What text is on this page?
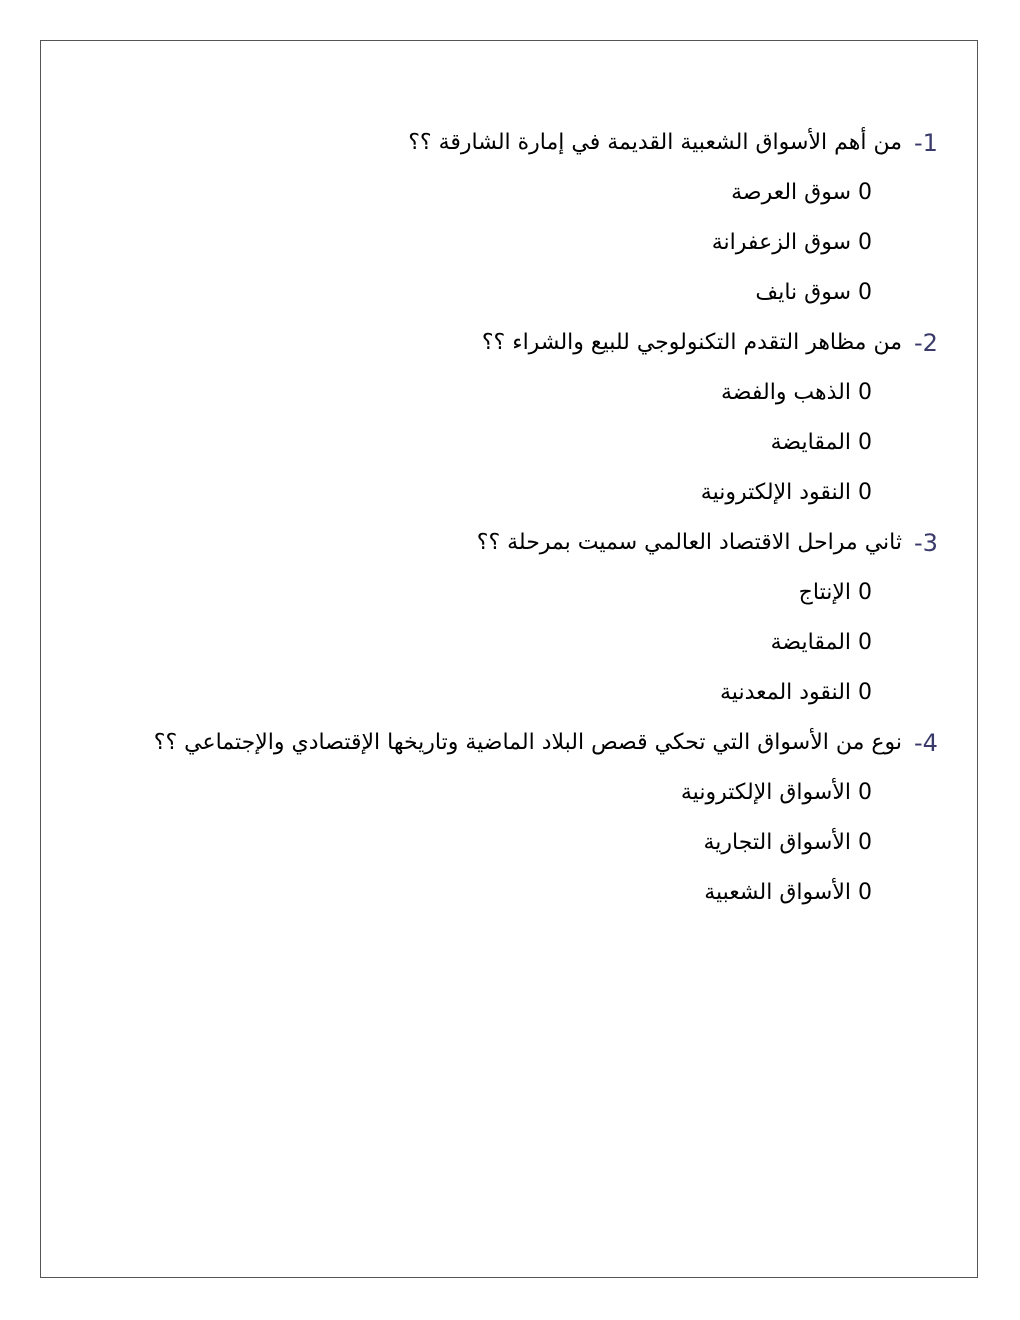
-1
من أهم الأسواق الشعبية القديمة في إمارة الشارقة ؟؟
0 سوق العرصة
0 سوق الزعفرانة
0 سوق نايف
-2
من مظاهر التقدم التكنولوجي للبيع والشراء ؟؟
0 الذهب والفضة
0 المقايضة
0 النقود الإلكترونية
-3
ثاني مراحل الاقتصاد العالمي سميت بمرحلة ؟؟
0 الإنتاج
0 المقايضة
0 النقود المعدنية
-4
نوع من الأسواق التي تحكي قصص البلاد الماضية وتاريخها الإقتصادي والإجتماعي ؟؟
0 الأسواق الإلكترونية
0 الأسواق التجارية
0 الأسواق الشعبية
